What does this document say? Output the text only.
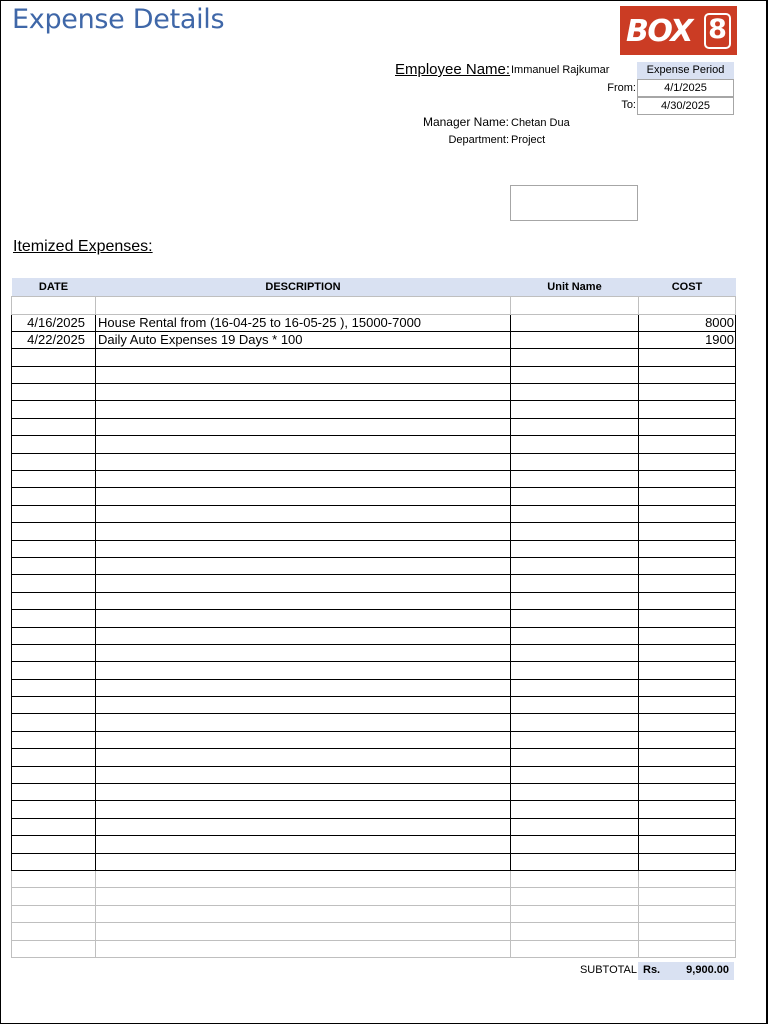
Expense Details	BOX 8
Employee Name: Immanuel Rajkumar	Expense Period
From:	4/1/2025
To:	4/30/2025
Manager Name: Chetan Dua
Department: Project
Itemized Expenses:
DATE	DESCRIPTION	Unit Name	COST

4/16/2025	House Rental from (16-04-25 to 16-05-25 ), 15000-7000		8000
4/22/2025	Daily Auto Expenses 19 Days * 100		1900

SUBTOTAL Rs. 9,900.00
